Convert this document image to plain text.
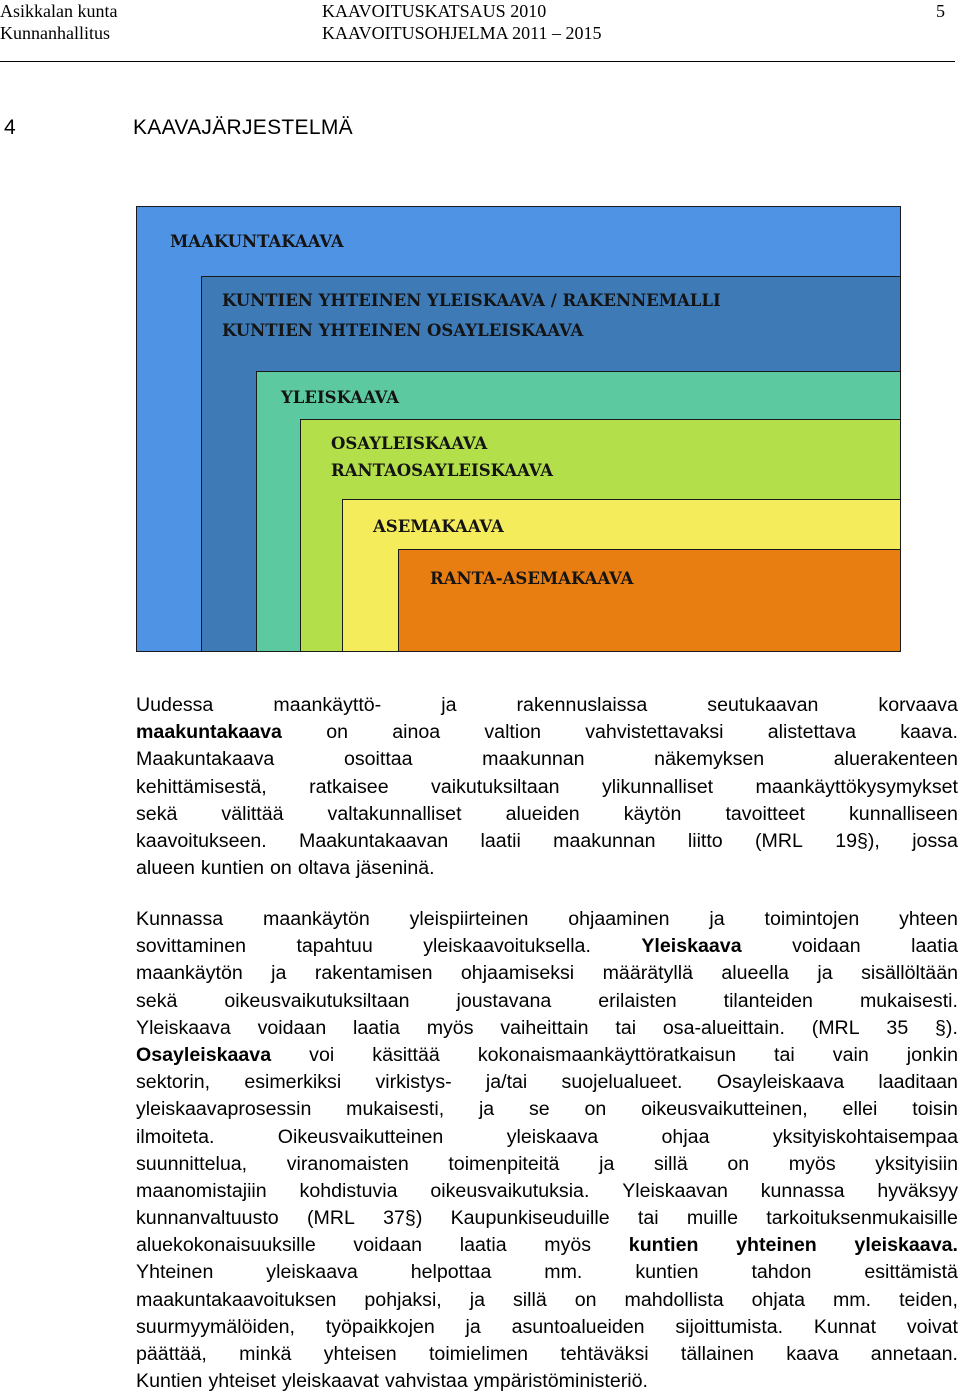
Asikkalan kunta
Kunnanhallitus
KAAVOITUSKATSAUS 2010
KAAVOITUSOHJELMA 2011 – 2015
5
4	KAAVAJÄRJESTELMÄ
MAAKUNTAKAAVA
KUNTIEN YHTEINEN YLEISKAAVA / RAKENNEMALLI
KUNTIEN YHTEINEN OSAYLEISKAAVA
YLEISKAAVA
OSAYLEISKAAVA
RANTAOSAYLEISKAAVA
ASEMAKAAVA
RANTA-ASEMAKAAVA
Uudessa	maankäyttö-	ja	rakennuslaissa	seutukaavan	korvaava
maakuntakaava on ainoa valtion vahvistettavaksi alistettava kaava.
Maakuntakaava	osoittaa	maakunnan	näkemyksen	aluerakenteen
kehittämisestä, ratkaisee vaikutuksiltaan ylikunnalliset maankäyttökysymykset
sekä välittää valtakunnalliset alueiden käytön tavoitteet kunnalliseen
kaavoitukseen. Maakuntakaavan laatii maakunnan liitto (MRL 19§), jossa
alueen kuntien on oltava jäseninä.
Kunnassa maankäytön yleispiirteinen ohjaaminen ja toimintojen yhteen
sovittaminen	tapahtuu	yleiskaavoituksella.	Yleiskaava	voidaan	laatia
maankäytön ja rakentamisen ohjaamiseksi määrätyllä alueella ja sisällöltään
sekä oikeusvaikutuksiltaan joustavana erilaisten tilanteiden mukaisesti.
Yleiskaava voidaan laatia myös vaiheittain tai osa-alueittain. (MRL 35 §).
Osayleiskaava voi käsittää kokonaismaankäyttöratkaisun tai vain jonkin
sektorin, esimerkiksi virkistys- ja/tai suojelualueet. Osayleiskaava laaditaan
yleiskaavaprosessin mukaisesti, ja se on oikeusvaikutteinen, ellei toisin
ilmoiteta.	Oikeusvaikutteinen	yleiskaava	ohjaa	yksityiskohtaisempaa
suunnittelua, viranomaisten toimenpiteitä ja sillä on myös yksityisiin
maanomistajiin kohdistuvia oikeusvaikutuksia. Yleiskaavan kunnassa hyväksyy
kunnanvaltuusto (MRL 37§) Kaupunkiseuduille tai muille tarkoituksenmukaisille
aluekokonaisuuksille voidaan laatia myös kuntien yhteinen yleiskaava.
Yhteinen	yleiskaava	helpottaa	mm.	kuntien	tahdon	esittämistä
maakuntakaavoituksen pohjaksi, ja sillä on mahdollista ohjata mm. teiden,
suurmyymälöiden, työpaikkojen ja asuntoalueiden sijoittumista. Kunnat voivat
päättää, minkä yhteisen toimielimen tehtäväksi tällainen kaava annetaan.
Kuntien yhteiset yleiskaavat vahvistaa ympäristöministeriö.
